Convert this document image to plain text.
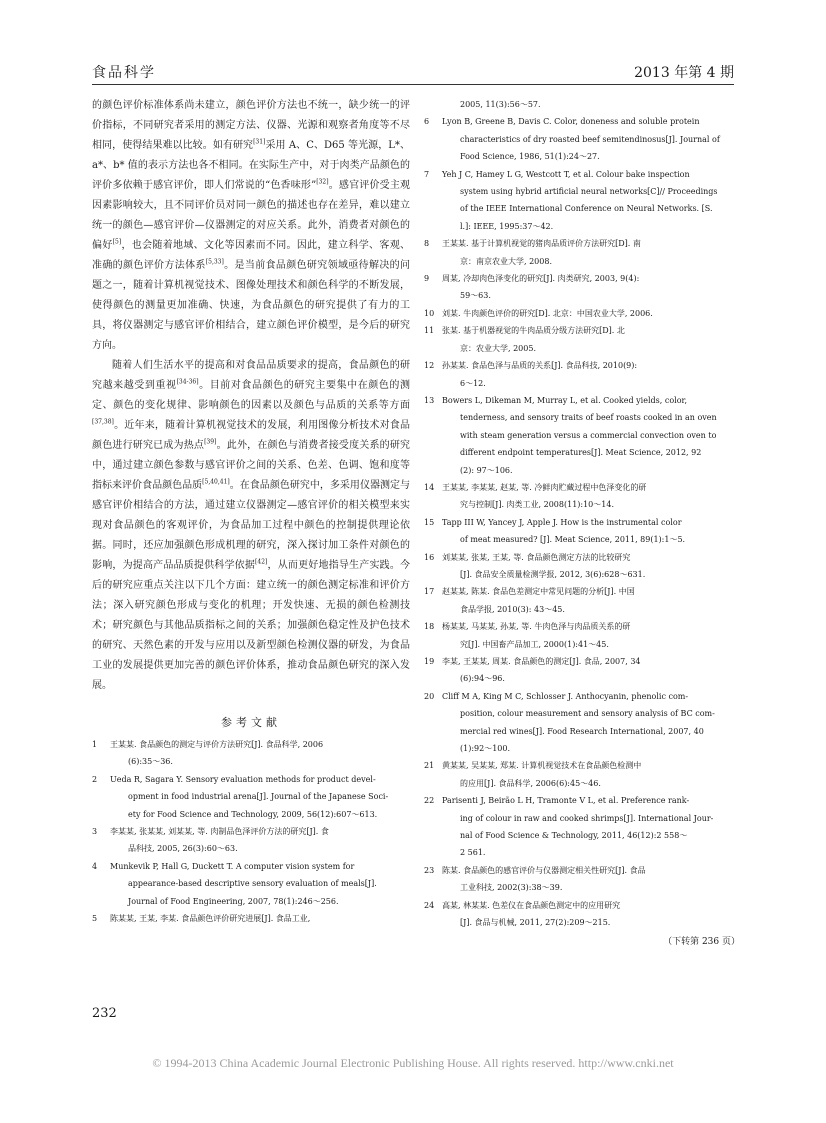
食品科学	2013 年第 4 期

的颜色评价标准体系尚未建立，颜色评价方法也不统一，缺少统一的评价指标，不同研究者采用的测定方法、仪器、光源和观察者角度等不尽相同，使得结果难以比较。如有研究[31]采用 A、C、D65 等光源，L*、a*、b* 值的表示方法也各不相同。在实际生产中，对于肉类产品颜色的评价多依赖于感官评价，即人们常说的“色香味形”[32]。感官评价受主观因素影响较大，且不同评价员对同一颜色的描述也存在差异，难以建立统一的颜色—感官评价—仪器测定的对应关系。此外，消费者对颜色的偏好[5]，也会随着地域、文化等因素而不同。因此，建立科学、客观、准确的颜色评价方法体系[5,33]。是当前食品颜色研究领域亟待解决的问题之一，随着计算机视觉技术、图像处理技术和颜色科学的不断发展，使得颜色的测量更加准确、快速，为食品颜色的研究提供了有力的工具，将仪器测定与感官评价相结合，建立颜色评价模型，是今后的研究方向。

随着人们生活水平的提高和对食品品质要求的提高，食品颜色的研究越来越受到重视[34-36]。目前对食品颜色的研究主要集中在颜色的测定、颜色的变化规律、影响颜色的因素以及颜色与品质的关系等方面[37,38]。近年来，随着计算机视觉技术的发展，利用图像分析技术对食品颜色进行研究已成为热点[39]。此外，在颜色与消费者接受度关系的研究中，通过建立颜色参数与感官评价之间的关系、色差、色调、饱和度等指标来评价食品颜色品质[5,40,41]。在食品颜色研究中，多采用仪器测定与感官评价相结合的方法，通过建立仪器测定—感官评价的相关模型来实现对食品颜色的客观评价，为食品加工过程中颜色的控制提供理论依据。同时，还应加强颜色形成机理的研究，深入探讨加工条件对颜色的影响，为提高产品品质提供科学依据[42]，从而更好地指导生产实践。今后的研究应重点关注以下几个方面：建立统一的颜色测定标准和评价方法；深入研究颜色形成与变化的机理；开发快速、无损的颜色检测技术；研究颜色与其他品质指标之间的关系；加强颜色稳定性及护色技术的研究、天然色素的开发与应用以及新型颜色检测仪器的研发，为食品工业的发展提供更加完善的颜色评价体系，推动食品颜色研究的深入发展。

参考文献
1	王某某. 食品颜色的测定与评价方法研究[J]. 食品科学, 2006
(6):35～36.
2	Ueda R, Sagara Y. Sensory evaluation methods for product devel-
opment in food industrial arena[J]. Journal of the Japanese Soci-
ety for Food Science and Technology, 2009, 56(12):607～613.
3	李某某, 张某某, 刘某某, 等. 肉制品色泽评价方法的研究[J]. 食
品科技, 2005, 26(3):60～63.
4	Munkevik P, Hall G, Duckett T. A computer vision system for
appearance-based descriptive sensory evaluation of meals[J].
Journal of Food Engineering, 2007, 78(1):246～256.
5	陈某某, 王某, 李某. 食品颜色评价研究进展[J]. 食品工业,
2005, 11(3):56～57.
6	Lyon B, Greene B, Davis C. Color, doneness and soluble protein
characteristics of dry roasted beef semitendinosus[J]. Journal of
Food Science, 1986, 51(1):24～27.
7	Yeh J C, Hamey L G, Westcott T, et al. Colour bake inspection
system using hybrid artificial neural networks[C]// Proceedings
of the IEEE International Conference on Neural Networks. [S.
l.]: IEEE, 1995:37～42.
8	王某某. 基于计算机视觉的猪肉品质评价方法研究[D]. 南
京：南京农业大学, 2008.
9	周某, 冷却肉色泽变化的研究[J]. 肉类研究, 2003, 9(4):
59～63.
10 刘某. 牛肉颜色评价的研究[D]. 北京：中国农业大学, 2006.
11 张某. 基于机器视觉的牛肉品质分级方法研究[D]. 北
京：农业大学, 2005.
12 孙某某. 食品色泽与品质的关系[J]. 食品科技, 2010(9):
6～12.
13 Bowers L, Dikeman M, Murray L, et al. Cooked yields, color,
tenderness, and sensory traits of beef roasts cooked in an oven
with steam generation versus a commercial convection oven to
different endpoint temperatures[J]. Meat Science, 2012, 92
(2): 97～106.
14 王某某, 李某某, 赵某, 等. 冷鲜肉贮藏过程中色泽变化的研
究与控制[J]. 肉类工业, 2008(11):10～14.
15 Tapp III W, Yancey J, Apple J. How is the instrumental color
of meat measured? [J]. Meat Science, 2011, 89(1):1～5.
16 刘某某, 张某, 王某, 等. 食品颜色测定方法的比较研究
[J]. 食品安全质量检测学报, 2012, 3(6):628～631.
17 赵某某, 陈某. 食品色差测定中常见问题的分析[J]. 中国
食品学报, 2010(3): 43～45.
18 杨某某, 马某某, 孙某, 等. 牛肉色泽与肉品质关系的研
究[J]. 中国畜产品加工, 2000(1):41～45.
19 李某, 王某某, 周某. 食品颜色的测定[J]. 食品, 2007, 34
(6):94～96.
20 Cliff M A, King M C, Schlosser J. Anthocyanin, phenolic com-
position, colour measurement and sensory analysis of BC com-
mercial red wines[J]. Food Research International, 2007, 40
(1):92～100.
21 黄某某, 吴某某, 郑某. 计算机视觉技术在食品颜色检测中
的应用[J]. 食品科学, 2006(6):45～46.
22 Parisenti J, Beirão L H, Tramonte V L, et al. Preference rank-
ing of colour in raw and cooked shrimps[J]. International Jour-
nal of Food Science & Technology, 2011, 46(12):2 558～
2 561.
23 陈某. 食品颜色的感官评价与仪器测定相关性研究[J]. 食品
工业科技, 2002(3):38～39.
24 高某, 林某某. 色差仪在食品颜色测定中的应用研究
[J]. 食品与机械, 2011, 27(2):209～215.
（下转第 236 页）
232
© 1994-2013 China Academic Journal Electronic Publishing House. All rights reserved. http://www.cnki.net
